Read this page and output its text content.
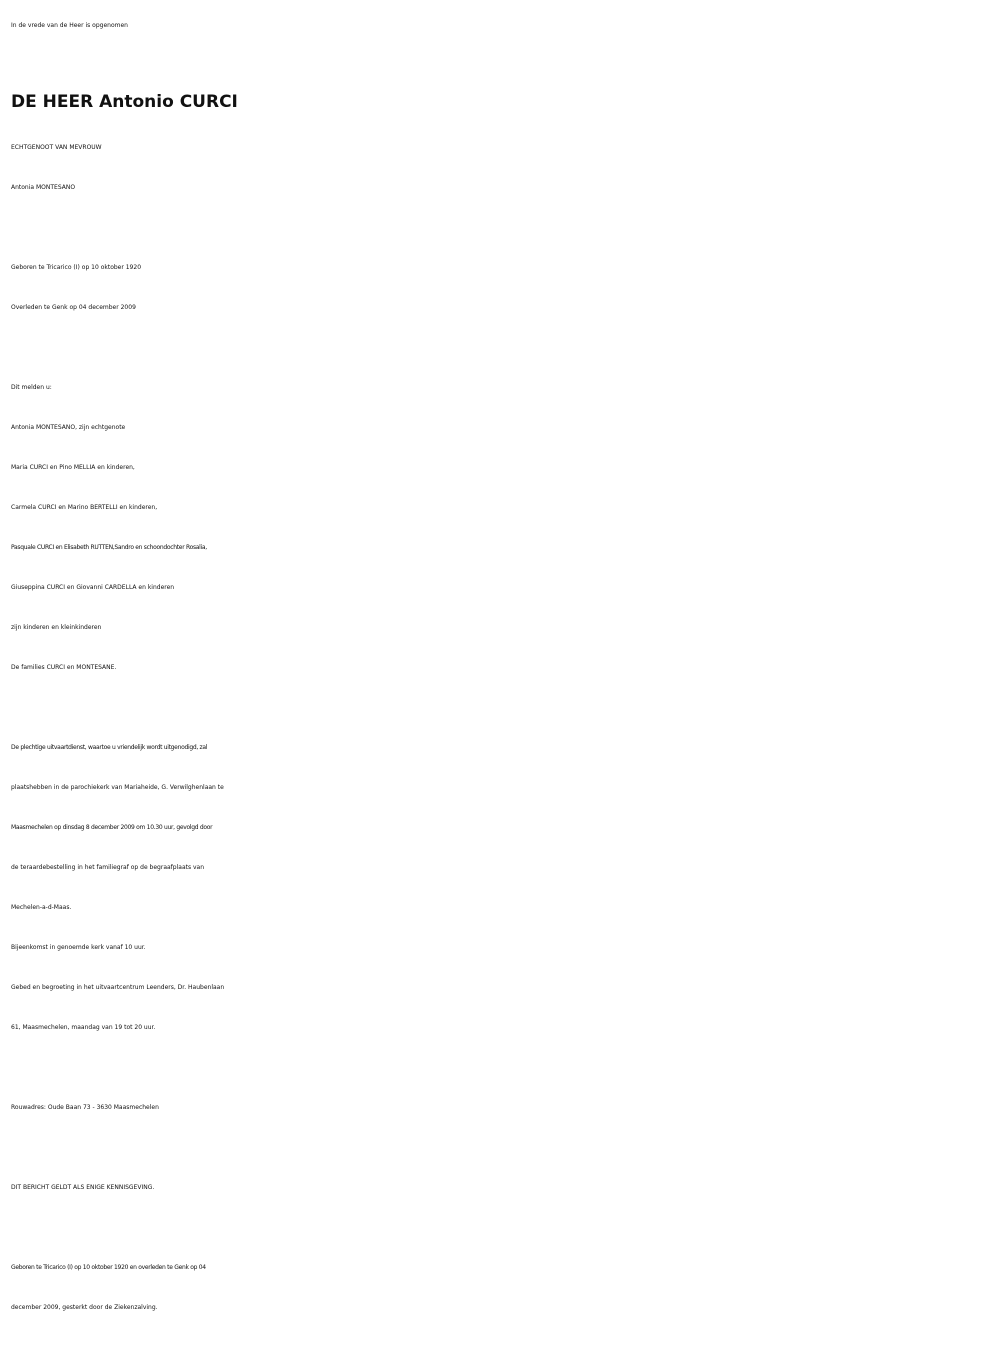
In de vrede van de Heer is opgenomen
DE HEER Antonio CURCI
ECHTGENOOT VAN MEVROUW
Antonia MONTESANO
Geboren te Tricarico (I) op 10 oktober 1920
Overleden te Genk op 04 december 2009
Dit melden u:
Antonia MONTESANO, zijn echtgenote
Maria CURCI en Pino MELLIA en kinderen,
Carmela CURCI en Marino BERTELLI en kinderen,
Pasquale CURCI en Elisabeth RUTTEN,Sandro en schoondochter Rosalia,
Giuseppina CURCI en Giovanni CARDELLA en kinderen
zijn kinderen en kleinkinderen
De families CURCI en MONTESANE.
De plechtige uitvaartdienst, waartoe u vriendelijk wordt uitgenodigd, zal
plaatshebben in de parochiekerk van Mariaheide, G. Verwilghenlaan te
Maasmechelen op dinsdag 8 december 2009 om 10.30 uur, gevolgd door
de teraardebestelling in het familiegraf op de begraafplaats van
Mechelen-a-d-Maas.
Bijeenkomst in genoemde kerk vanaf 10 uur.
Gebed en begroeting in het uitvaartcentrum Leenders, Dr. Haubenlaan
61, Maasmechelen, maandag van 19 tot 20 uur.
Rouwadres: Oude Baan 73 - 3630 Maasmechelen
DIT BERICHT GELDT ALS ENIGE KENNISGEVING.
Geboren te Tricarico (I) op 10 oktober 1920 en overleden te Genk op 04
december 2009, gesterkt door de Ziekenzalving.
